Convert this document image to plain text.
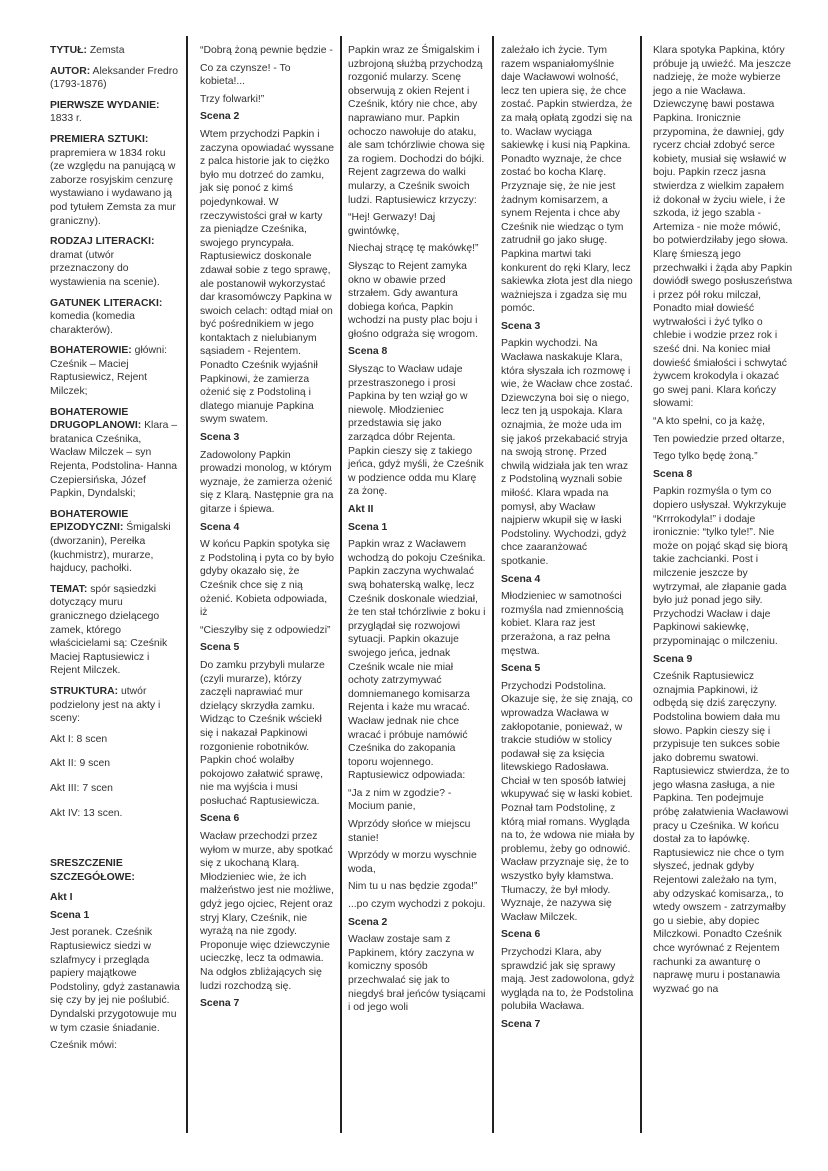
TYTUŁ: Zemsta

AUTOR: Aleksander Fredro (1793-1876)

PIERWSZE WYDANIE: 1833 r.

PREMIERA SZTUKI: prapremiera w 1834 roku (ze względu na panującą w zaborze rosyjskim cenzurę wystawiano i wydawano ją pod tytułem Zemsta za mur graniczny).

RODZAJ LITERACKI: dramat (utwór przeznaczony do wystawienia na scenie).

GATUNEK LITERACKI: komedia (komedia charakterów).

BOHATEROWIE: główni: Cześnik – Maciej Raptusiewicz, Rejent Milczek;

BOHATEROWIE DRUGOPLANOWI: Klara – bratanica Cześnika, Wacław Milczek – syn Rejenta, Podstolina- Hanna Czepiersińska, Józef Papkin, Dyndalski;

BOHATEROWIE EPIZODYCZNI: Śmigalski (dworzanin), Perełka (kuchmistrz), murarze, hajducy, pachołki.

TEMAT: spór sąsiedzki dotyczący muru granicznego dzielącego zamek, którego właścicielami są: Cześnik Maciej Raptusiewicz i Rejent Milczek.

STRUKTURA: utwór podzielony jest na akty i sceny:

Akt I: 8 scen

Akt II: 9 scen

Akt III: 7 scen

Akt IV: 13 scen.

SRESZCZENIE SZCZEGÓŁOWE:

Akt I

Scena 1

Jest poranek. Cześnik Raptusiewicz siedzi w szlafmycy i przegląda papiery majątkowe Podstoliny, gdyż zastanawia się czy by jej nie poślubić. Dyndalski przygotowuje mu w tym czasie śniadanie.

Cześnik mówi:

“Dobrą żoną pewnie będzie -

Co za czynsze! - To kobieta!...

Trzy folwarki!”

Scena 2

Wtem przychodzi Papkin i zaczyna opowiadać wyssane z palca historie jak to ciężko było mu dotrzeć do zamku, jak się ponoć z kimś pojedynkował. W rzeczywistości grał w karty za pieniądze Cześnika, swojego pryncypała. Raptusiewicz doskonale zdawał sobie z tego sprawę, ale postanowił wykorzystać dar krasomówczy Papkina w swoich celach: odtąd miał on być pośrednikiem w jego kontaktach z nielubianym sąsiadem - Rejentem. Ponadto Cześnik wyjaśnił Papkinowi, że zamierza ożenić się z Podstoliną i dlatego mianuje Papkina swym swatem.

Scena 3

Zadowolony Papkin prowadzi monolog, w którym wyznaje, że zamierza ożenić się z Klarą. Następnie gra na gitarze i śpiewa.

Scena 4

W końcu Papkin spotyka się z Podstoliną i pyta co by było gdyby okazało się, że Cześnik chce się z nią ożenić. Kobieta odpowiada, iż

“Cieszyłby się z odpowiedzi”

Scena 5

Do zamku przybyli mularze (czyli murarze), którzy zaczęli naprawiać mur dzielący skrzydła zamku. Widząc to Cześnik wściekł się i nakazał Papkinowi rozgonienie robotników. Papkin choć wolałby pokojowo załatwić sprawę, nie ma wyjścia i musi posłuchać Raptusiewicza.

Scena 6

Wacław przechodzi przez wyłom w murze, aby spotkać się z ukochaną Klarą. Młodzieniec wie, że ich małżeństwo jest nie możliwe, gdyż jego ojciec, Rejent oraz stryj Klary, Cześnik, nie wyrażą na nie zgody. Proponuje więc dziewczynie ucieczkę, lecz ta odmawia. Na odgłos zbliżających się ludzi rozchodzą się.

Scena 7

Papkin wraz ze Śmigalskim i uzbrojoną służbą przychodzą rozgonić mularzy. Scenę obserwują z okien Rejent i Cześnik, który nie chce, aby naprawiano mur. Papkin ochoczo nawołuje do ataku, ale sam tchórzliwie chowa się za rogiem. Dochodzi do bójki. Rejent zagrzewa do walki mularzy, a Cześnik swoich ludzi. Raptusiewicz krzyczy:

“Hej! Gerwazy! Daj gwintówkę,

Niechaj strącę tę makówkę!”

Słysząc to Rejent zamyka okno w obawie przed strzałem. Gdy awantura dobiega końca, Papkin wchodzi na pusty plac boju i głośno odgraża się wrogom.

Scena 8

Słysząc to Wacław udaje przestraszonego i prosi Papkina by ten wziął go w niewolę. Młodzieniec przedstawia się jako zarządca dóbr Rejenta. Papkin cieszy się z takiego jeńca, gdyż myśli, że Cześnik w podzience odda mu Klarę za żonę.

Akt II

Scena 1

Papkin wraz z Wacławem wchodzą do pokoju Cześnika. Papkin zaczyna wychwalać swą bohaterską walkę, lecz Cześnik doskonale wiedział, że ten stał tchórzliwie z boku i przyglądał się rozwojowi sytuacji. Papkin okazuje swojego jeńca, jednak Cześnik wcale nie miał ochoty zatrzymywać domniemanego komisarza Rejenta i każe mu wracać. Wacław jednak nie chce wracać i próbuje namówić Cześnika do zakopania toporu wojennego. Raptusiewicz odpowiada:

“Ja z nim w zgodzie? - Mocium panie,

Wprzódy słońce w miejscu stanie!

Wprzódy w morzu wyschnie woda,

Nim tu u nas będzie zgoda!”

...po czym wychodzi z pokoju.

Scena 2

Wacław zostaje sam z Papkinem, który zaczyna w komiczny sposób przechwalać się jak to niegdyś brał jeńców tysiącami i od jego woli

zależało ich życie. Tym razem wspaniałomyślnie daje Wacławowi wolność, lecz ten upiera się, że chce zostać. Papkin stwierdza, że za małą opłatą zgodzi się na to. Wacław wyciąga sakiewkę i kusi nią Papkina. Ponadto wyznaje, że chce zostać bo kocha Klarę. Przyznaje się, że nie jest żadnym komisarzem, a synem Rejenta i chce aby Cześnik nie wiedząc o tym zatrudnił go jako sługę. Papkina martwi taki konkurent do ręki Klary, lecz sakiewka złota jest dla niego ważniejsza i zgadza się mu pomóc.

Scena 3

Papkin wychodzi. Na Wacława naskakuje Klara, która słyszała ich rozmowę i wie, że Wacław chce zostać. Dziewczyna boi się o niego, lecz ten ją uspokaja. Klara oznajmia, że może uda im się jakoś przekabacić stryja na swoją stronę. Przed chwilą widziała jak ten wraz z Podstoliną wyznali sobie miłość. Klara wpada na pomysł, aby Wacław najpierw wkupił się w łaski Podstoliny. Wychodzi, gdyż chce zaaranżować spotkanie.

Scena 4

Młodzieniec w samotności rozmyśla nad zmiennością kobiet. Klara raz jest przerażona, a raz pełna męstwa.

Scena 5

Przychodzi Podstolina. Okazuje się, że się znają, co wprowadza Wacława w zakłopotanie, ponieważ, w trakcie studiów w stolicy podawał się za księcia litewskiego Radosława. Chciał w ten sposób łatwiej wkupywać się w łaski kobiet. Poznał tam Podstolinę, z którą miał romans. Wygląda na to, że wdowa nie miała by problemu, żeby go odnowić. Wacław przyznaje się, że to wszystko były kłamstwa. Tłumaczy, że był młody. Wyznaje, że nazywa się Wacław Milczek.

Scena 6

Przychodzi Klara, aby sprawdzić jak się sprawy mają. Jest zadowolona, gdyż wygląda na to, że Podstolina polubiła Wacława.

Scena 7

Klara spotyka Papkina, który próbuje ją uwieźć. Ma jeszcze nadzieję, że może wybierze jego a nie Wacława. Dziewczynę bawi postawa Papkina. Ironicznie przypomina, że dawniej, gdy rycerz chciał zdobyć serce kobiety, musiał się wsławić w boju. Papkin rzecz jasna stwierdza z wielkim zapałem iż dokonał w życiu wiele, i że szkoda, iż jego szabla - Artemiza - nie może mówić, bo potwierdziłaby jego słowa. Klarę śmieszą jego przechwałki i żąda aby Papkin dowiódł swego posłuszeństwa i przez pół roku milczał, Ponadto miał dowieść wytrwałości i żyć tylko o chlebie i wodzie przez rok i sześć dni. Na koniec miał dowieść śmiałości i schwytać żywcem krokodyla i okazać go swej pani. Klara kończy słowami:

“A kto spełni, co ja każę,

Ten powiedzie przed ołtarze,

Tego tylko będę żoną.”

Scena 8

Papkin rozmyśla o tym co dopiero usłyszał. Wykrzykuje “Krrrokodyla!” i dodaje ironicznie: “tylko tyle!”. Nie może on pojąć skąd się biorą takie zachcianki. Post i milczenie jeszcze by wytrzymał, ale złapanie gada było już ponad jego siły. Przychodzi Wacław i daje Papkinowi sakiewkę, przypominając o milczeniu.

Scena 9

Cześnik Raptusiewicz oznajmia Papkinowi, iż odbędą się dziś zaręczyny. Podstolina bowiem dała mu słowo. Papkin cieszy się i przypisuje ten sukces sobie jako dobremu swatowi. Raptusiewicz stwierdza, że to jego własna zasługa, a nie Papkina. Ten podejmuje próbę załatwienia Wacławowi pracy u Cześnika. W końcu dostał za to łapówkę. Raptusiewicz nie chce o tym słyszeć, jednak gdyby Rejentowi zależało na tym, aby odzyskać komisarza,, to wtedy owszem - zatrzymałby go u siebie, aby dopiec Milczkowi. Ponadto Cześnik chce wyrównać z Rejentem rachunki za awanturę o naprawę muru i postanawia wyzwać go na
